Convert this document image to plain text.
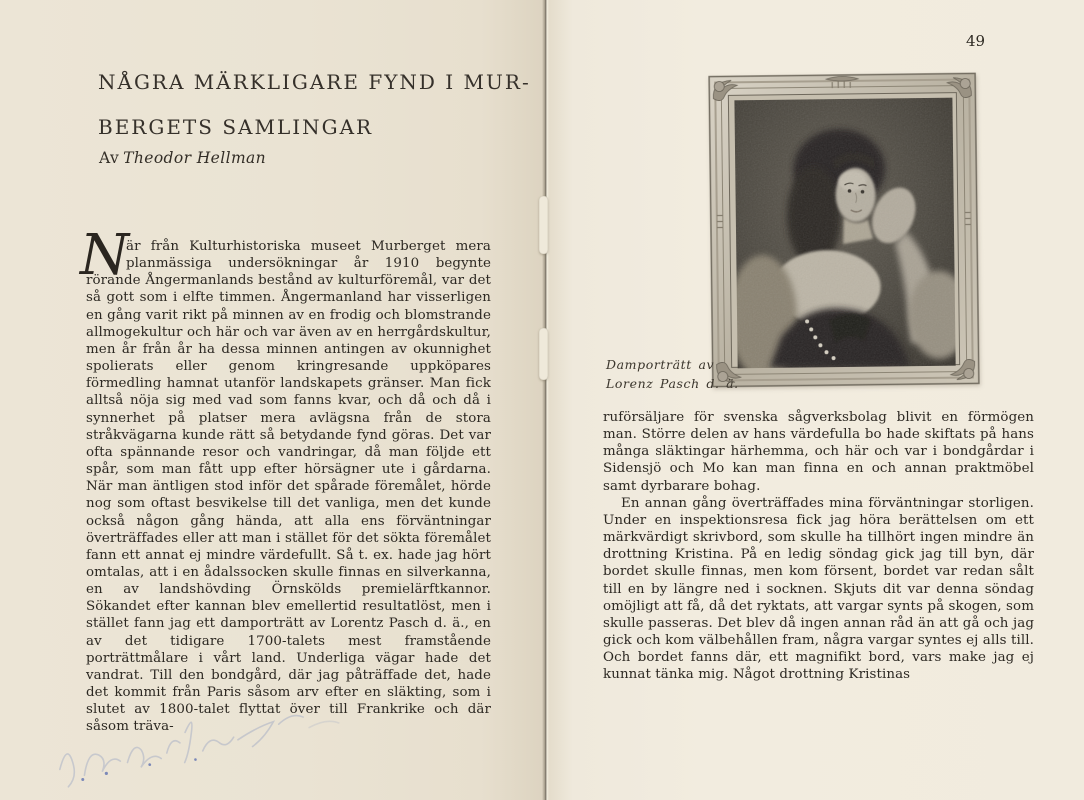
NÅGRA MÄRKLIGARE FYND I MUR-
BERGETS SAMLINGAR
Av Theodor Hellman
N
är från Kulturhistoriska museet Murberget mera planmässiga undersökningar år 1910 begynte rörande Ångermanlands bestånd av kulturföremål, var det så gott som i elfte timmen. Ångermanland har visserligen en gång varit rikt på minnen av en frodig och blomstrande allmogekultur och här och var även av en herrgårdskultur, men år från år ha dessa minnen antingen av okunnighet spolierats eller genom kringresande uppköpares förmedling hamnat utanför landskapets gränser. Man fick alltså nöja sig med vad som fanns kvar, och då och då i synnerhet på platser mera avlägsna från de stora stråkvägarna kunde rätt så betydande fynd göras. Det var ofta spännande resor och vandringar, då man följde ett spår, som man fått upp efter hörsägner ute i gårdarna. När man äntligen stod inför det spårade föremålet, hörde nog som oftast besvikelse till det vanliga, men det kunde också någon gång hända, att alla ens förväntningar överträffades eller att man i stället för det sökta föremålet fann ett annat ej mindre värdefullt. Så t. ex. hade jag hört omtalas, att i en ådalssocken skulle finnas en silverkanna, en av landshövding Örnskölds premielärftkannor. Sökandet efter kannan blev emellertid resultatlöst, men i stället fann jag ett damporträtt av Lorentz Pasch d. ä., en av det tidigare 1700-talets mest framstående porträttmålare i vårt land. Underliga vägar hade det vandrat. Till den bondgård, där jag påträffade det, hade det kommit från Paris såsom arv efter en släkting, som i slutet av 1800-talet flyttat över till Frankrike och där såsom träva-
49
Damporträtt av
Lorenz Pasch d. ä.

ruförsäljare för svenska sågverksbolag blivit en förmögen man. Större delen av hans värdefulla bo hade skiftats på hans många släktingar härhemma, och här och var i bondgårdar i Sidensjö och Mo kan man finna en och annan praktmöbel samt dyrbarare bohag.

En annan gång överträffades mina förväntningar storligen. Under en inspektionsresa fick jag höra berättelsen om ett märkvärdigt skrivbord, som skulle ha tillhört ingen mindre än drottning Kristina. På en ledig söndag gick jag till byn, där bordet skulle finnas, men kom försent, bordet var redan sålt till en by längre ned i socknen. Skjuts dit var denna söndag omöjligt att få, då det ryktats, att vargar synts på skogen, som skulle passeras. Det blev då ingen annan råd än att gå och jag gick och kom välbehållen fram, några vargar syntes ej alls till. Och bordet fanns där, ett magnifikt bord, vars make jag ej kunnat tänka mig. Något drottning Kristinas
